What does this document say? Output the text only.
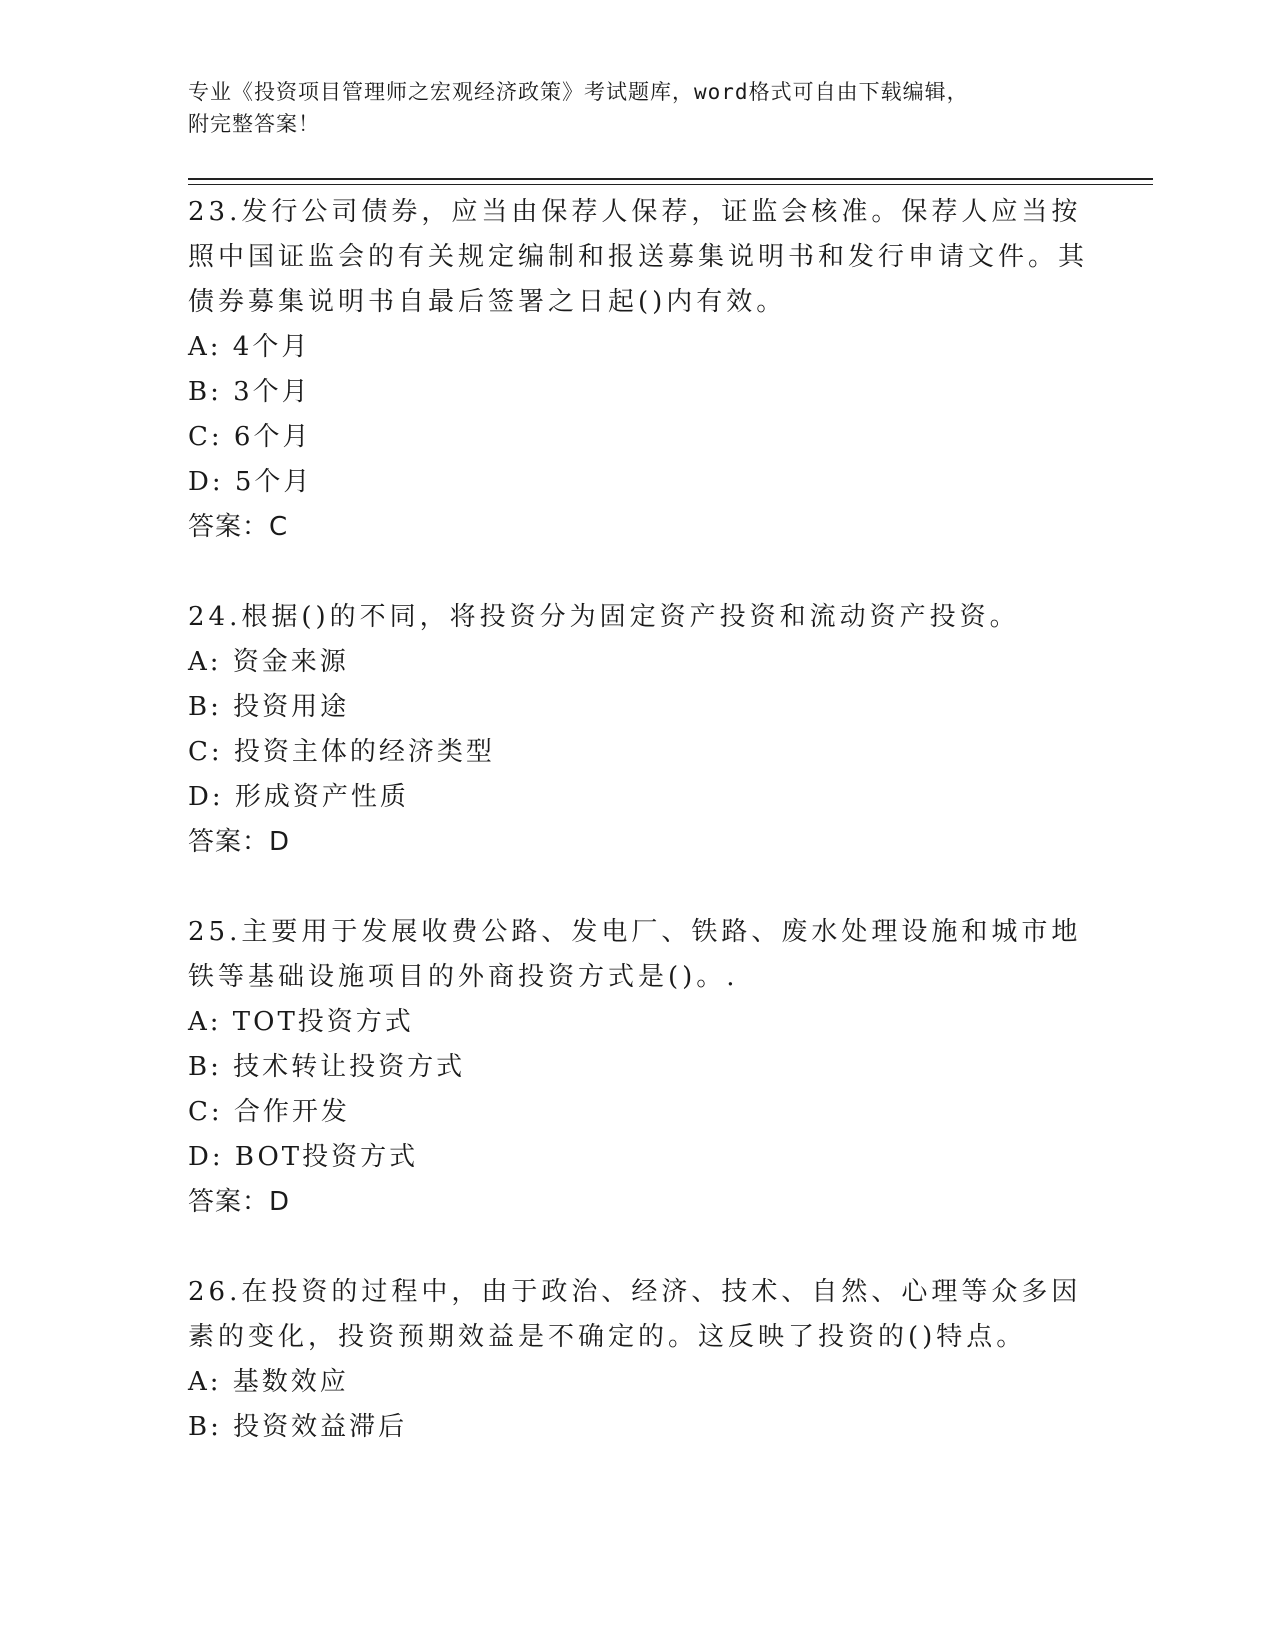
专业《投资项目管理师之宏观经济政策》考试题库，word格式可自由下载编辑，
附完整答案！

23.发行公司债券，应当由保荐人保荐，证监会核准。保荐人应当按照中国证监会的有关规定编制和报送募集说明书和发行申请文件。其债券募集说明书自最后签署之日起()内有效。

A: 4个月

B: 3个月

C: 6个月

D: 5个月

答案：C

24.根据()的不同，将投资分为固定资产投资和流动资产投资。

A: 资金来源

B: 投资用途

C: 投资主体的经济类型

D: 形成资产性质

答案：D

25.主要用于发展收费公路、发电厂、铁路、废水处理设施和城市地铁等基础设施项目的外商投资方式是()。.

A: TOT投资方式

B: 技术转让投资方式

C: 合作开发

D: BOT投资方式

答案：D

26.在投资的过程中，由于政治、经济、技术、自然、心理等众多因素的变化，投资预期效益是不确定的。这反映了投资的()特点。

A: 基数效应

B: 投资效益滞后
